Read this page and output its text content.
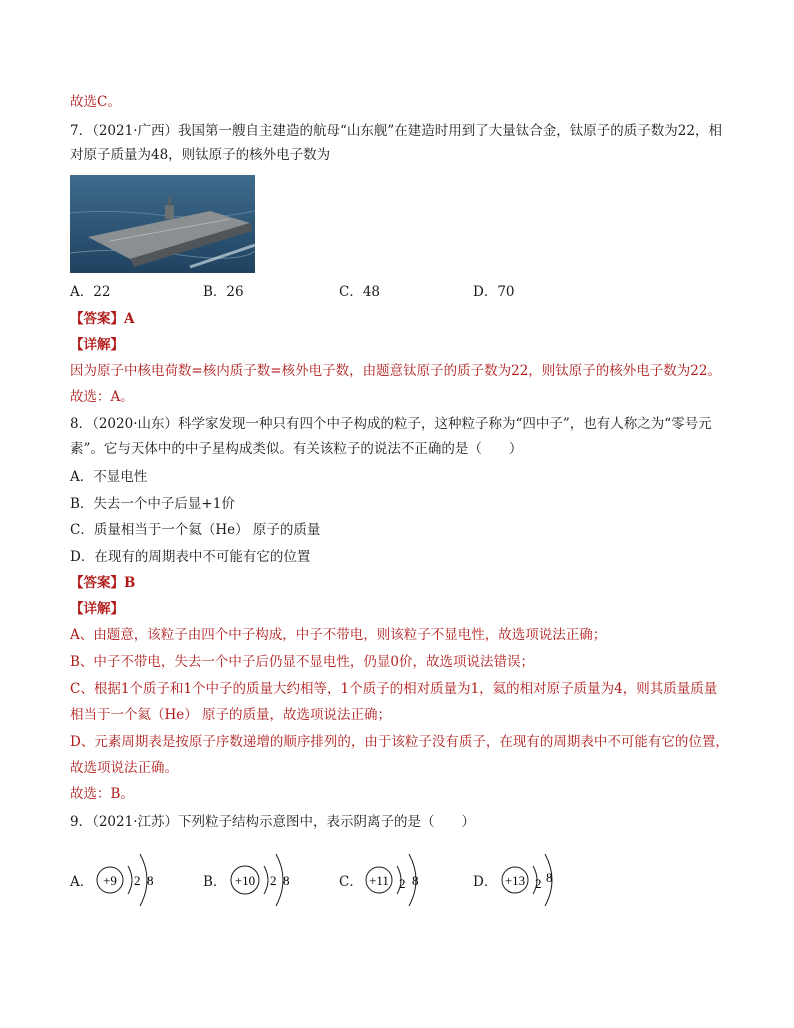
故选C。
7．（2021·广西）我国第一艘自主建造的航母“山东舰”在建造时用到了大量钛合金，钛原子的质子数为22，相
对原子质量为48，则钛原子的核外电子数为
A．22	B．26	C．48	D．70
【答案】A
【详解】
因为原子中核电荷数=核内质子数=核外电子数，由题意钛原子的质子数为22，则钛原子的核外电子数为22。
故选：A。
8．（2020·山东）科学家发现一种只有四个中子构成的粒子，这种粒子称为“四中子”，也有人称之为“零号元
素”。它与天体中的中子星构成类似。有关该粒子的说法不正确的是（　　）
A．不显电性
B．失去一个中子后显+1价
C．质量相当于一个氦（He） 原子的质量
D．在现有的周期表中不可能有它的位置
【答案】B
【详解】
A、由题意，该粒子由四个中子构成，中子不带电，则该粒子不显电性，故选项说法正确；
B、中子不带电，失去一个中子后仍显不显电性，仍显0价，故选项说法错误；
C、根据1个质子和1个中子的质量大约相等，1个质子的相对质量为1，氦的相对原子质量为4，则其质量质量
相当于一个氦（He） 原子的质量，故选项说法正确；
D、元素周期表是按原子序数递增的顺序排列的，由于该粒子没有质子，在现有的周期表中不可能有它的位置，
故选项说法正确。
故选：B。
9．（2021·江苏）下列粒子结构示意图中，表示阴离子的是（　　）
A． +9 2 8	B． +10 2 8	C． +11 2 8	D． +13 2 8
